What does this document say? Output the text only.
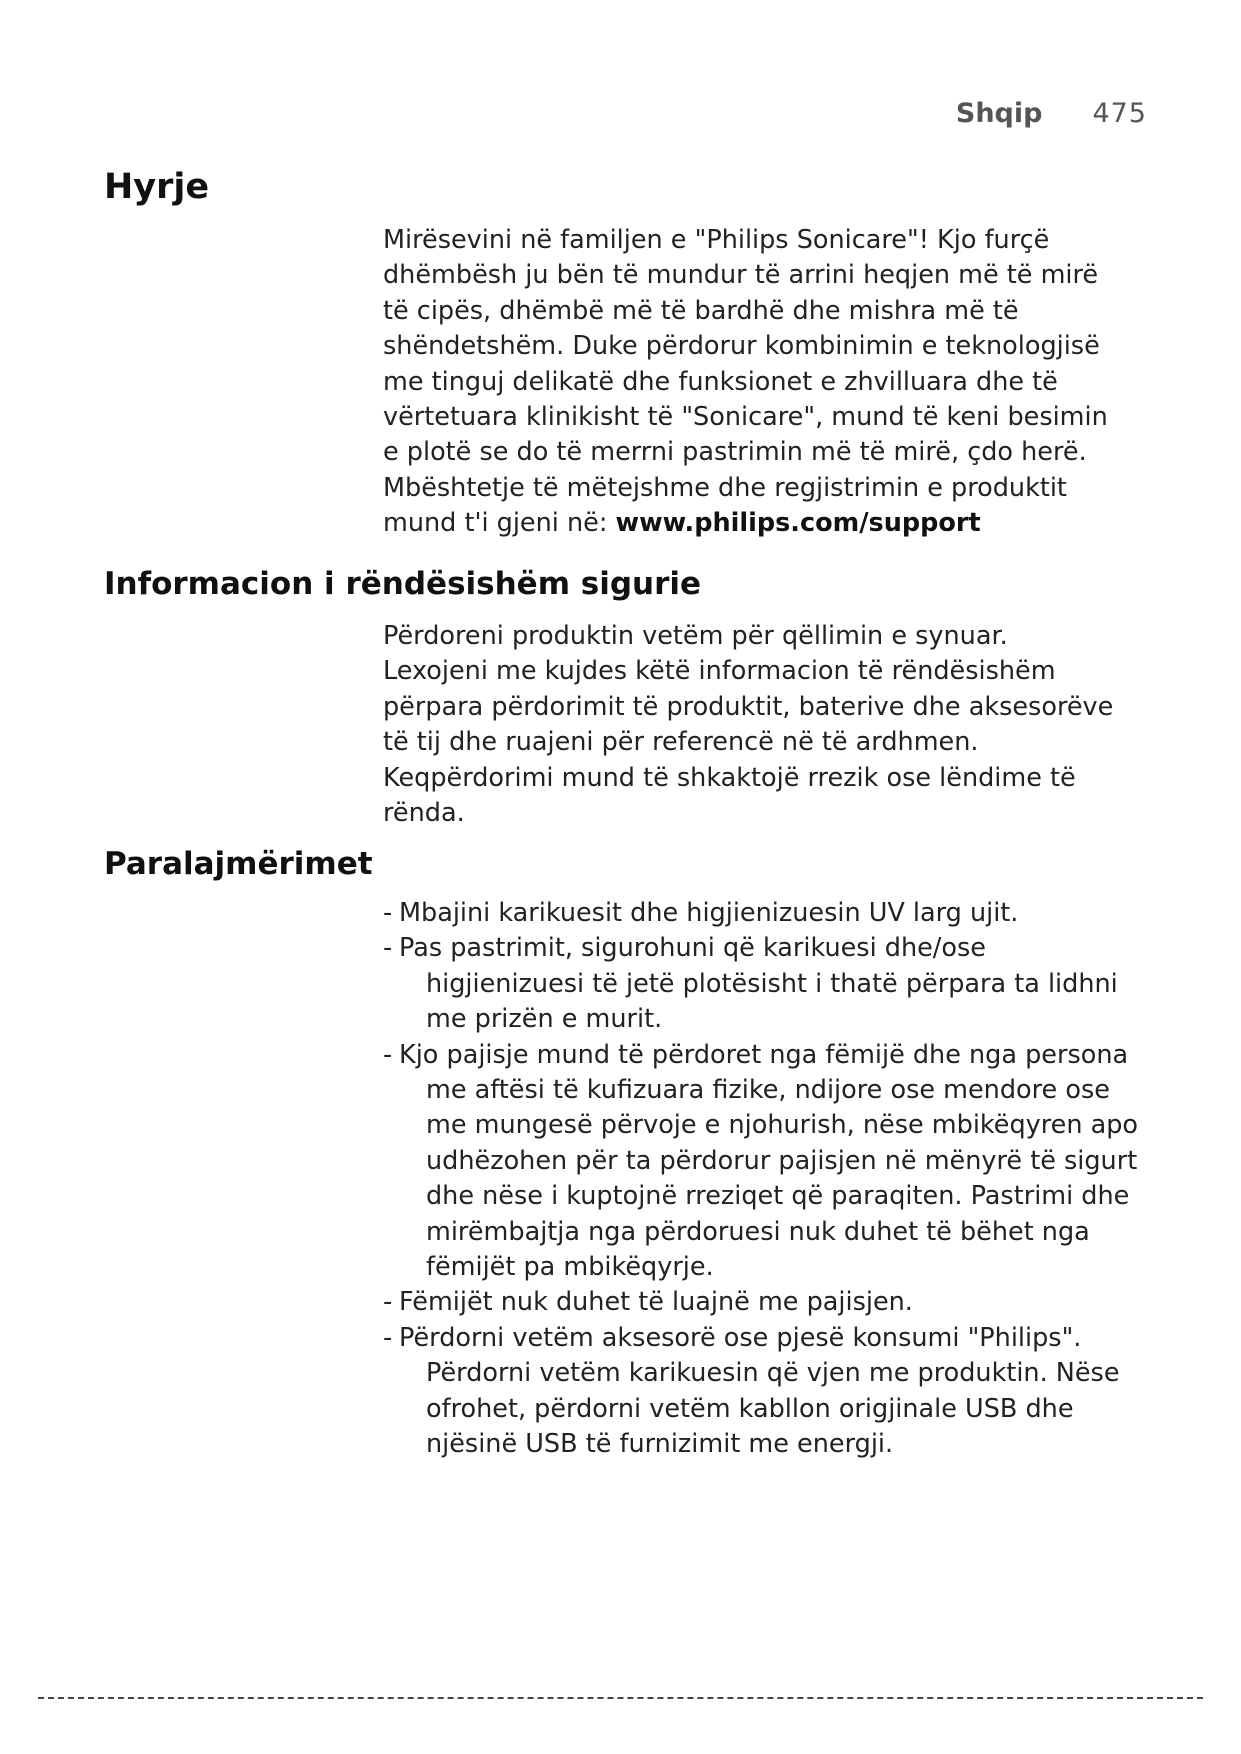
Shqip 475
Hyrje
Mirësevini në familjen e "Philips Sonicare"! Kjo furçë
dhëmbësh ju bën të mundur të arrini heqjen më të mirë
të cipës, dhëmbë më të bardhë dhe mishra më të
shëndetshëm. Duke përdorur kombinimin e teknologjisë
me tinguj delikatë dhe funksionet e zhvilluara dhe të
vërtetuara klinikisht të "Sonicare", mund të keni besimin
e plotë se do të merrni pastrimin më të mirë, çdo herë.
Mbështetje të mëtejshme dhe regjistrimin e produktit
mund t'i gjeni në: www.philips.com/support
Informacion i rëndësishëm sigurie
Përdoreni produktin vetëm për qëllimin e synuar.
Lexojeni me kujdes këtë informacion të rëndësishëm
përpara përdorimit të produktit, baterive dhe aksesorëve
të tij dhe ruajeni për referencë në të ardhmen.
Keqpërdorimi mund të shkaktojë rrezik ose lëndime të
rënda.
Paralajmërimet
- Mbajini karikuesit dhe higjienizuesin UV larg ujit.
- Pas pastrimit, sigurohuni që karikuesi dhe/ose higjienizuesi të jetë plotësisht i thatë përpara ta lidhni me prizën e murit.
- Kjo pajisje mund të përdoret nga fëmijë dhe nga persona me aftësi të kufizuara fizike, ndijore ose mendore ose me mungesë përvoje e njohurish, nëse mbikëqyren apo udhëzohen për ta përdorur pajisjen në mënyrë të sigurt dhe nëse i kuptojnë rreziqet që paraqiten. Pastrimi dhe mirëmbajtja nga përdoruesi nuk duhet të bëhet nga fëmijët pa mbikëqyrje.
- Fëmijët nuk duhet të luajnë me pajisjen.
- Përdorni vetëm aksesorë ose pjesë konsumi "Philips". Përdorni vetëm karikuesin që vjen me produktin. Nëse ofrohet, përdorni vetëm kabllon origjinale USB dhe njësinë USB të furnizimit me energji.
